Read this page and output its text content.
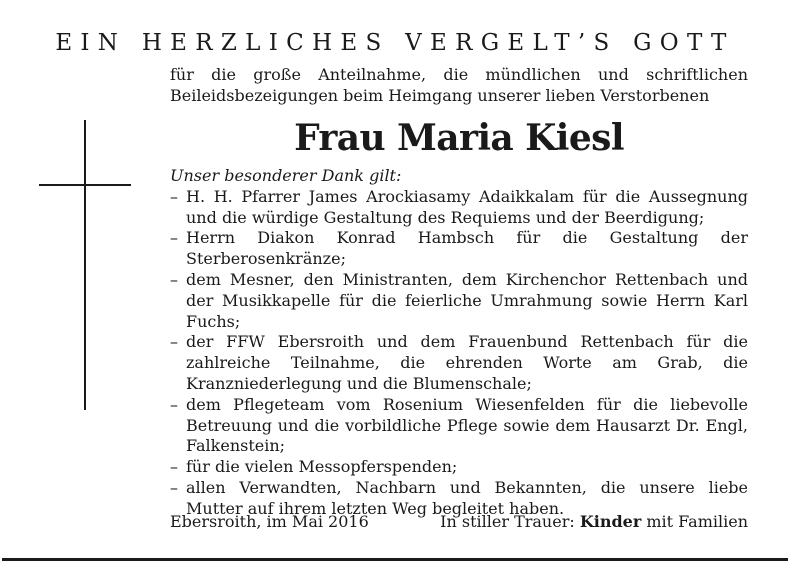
EIN HERZLICHES VERGELT’S GOTT
für die große Anteilnahme, die mündlichen und schriftlichen Beileidsbezeigungen beim Heimgang unserer lieben Verstorbenen
Frau Maria Kiesl

Unser besonderer Dank gilt:

– H. H. Pfarrer James Arockiasamy Adaikkalam für die Aussegnung und die würdige Gestaltung des Requiems und der Beerdigung;
– Herrn Diakon Konrad Hambsch für die Gestaltung der Sterberosenkränze;
– dem Mesner, den Ministranten, dem Kirchenchor Rettenbach und der Musikkapelle für die feierliche Umrahmung sowie Herrn Karl Fuchs;
– der FFW Ebersroith und dem Frauenbund Rettenbach für die zahlreiche Teilnahme, die ehrenden Worte am Grab, die Kranzniederlegung und die Blumenschale;
– dem Pflegeteam vom Rosenium Wiesenfelden für die liebevolle Betreuung und die vorbildliche Pflege sowie dem Hausarzt Dr. Engl, Falkenstein;
– für die vielen Messopferspenden;
– allen Verwandten, Nachbarn und Bekannten, die unsere liebe Mutter auf ihrem letzten Weg begleitet haben.
Ebersroith, im Mai 2016	In stiller Trauer: Kinder mit Familien
